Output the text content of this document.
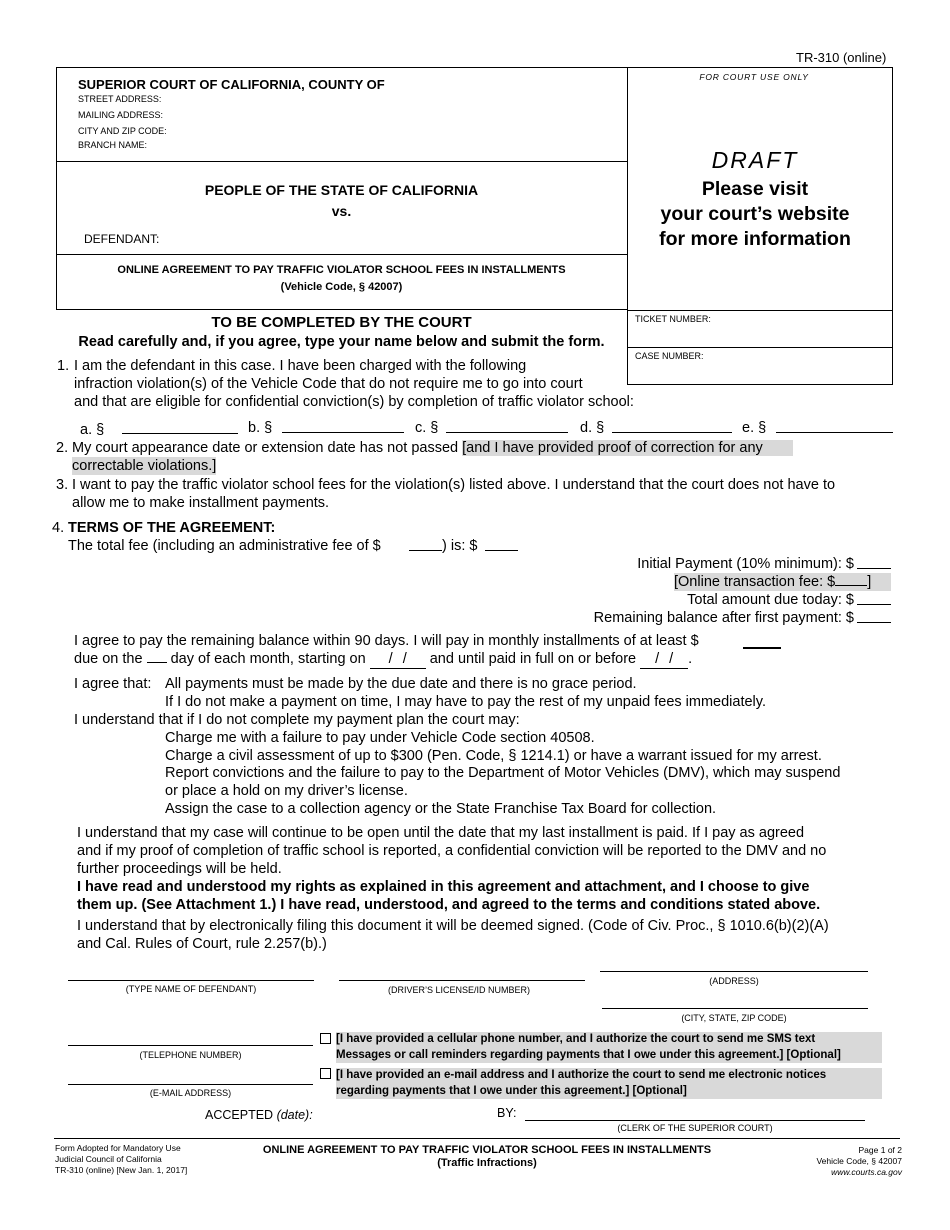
TR-310 (online)
SUPERIOR COURT OF CALIFORNIA, COUNTY OF
STREET ADDRESS:
MAILING ADDRESS:
CITY AND ZIP CODE:
BRANCH NAME:
PEOPLE OF THE STATE OF CALIFORNIA
vs.
DEFENDANT:
ONLINE AGREEMENT TO PAY TRAFFIC VIOLATOR SCHOOL FEES IN INSTALLMENTS
(Vehicle Code, § 42007)
FOR COURT USE ONLY
DRAFT
Please visit
your court’s website
for more information
TICKET NUMBER:
CASE NUMBER:
TO BE COMPLETED BY THE COURT
Read carefully and, if you agree, type your name below and submit the form.
1. I am the defendant in this case. I have been charged with the following
infraction violation(s) of the Vehicle Code that do not require me to go into court
and that are eligible for confidential conviction(s) by completion of traffic violator school:
a. §	b. §	c. §	d. §	e. §
2. My court appearance date or extension date has not passed [and I have provided proof of correction for any
correctable violations.]
3. I want to pay the traffic violator school fees for the violation(s) listed above. I understand that the court does not have to
allow me to make installment payments.
4. TERMS OF THE AGREEMENT:
The total fee (including an administrative fee of $	) is: $
Initial Payment (10% minimum): $
[Online transaction fee: $ ]
Total amount due today: $
Remaining balance after first payment: $
I agree to pay the remaining balance within 90 days. I will pay in monthly installments of at least $
due on the  day of each month, starting on / / and until paid in full on or before / / .
I agree that: All payments must be made by the due date and there is no grace period.
If I do not make a payment on time, I may have to pay the rest of my unpaid fees immediately.
I understand that if I do not complete my payment plan the court may:
Charge me with a failure to pay under Vehicle Code section 40508.
Charge a civil assessment of up to $300 (Pen. Code, § 1214.1) or have a warrant issued for my arrest.
Report convictions and the failure to pay to the Department of Motor Vehicles (DMV), which may suspend
or place a hold on my driver’s license.
Assign the case to a collection agency or the State Franchise Tax Board for collection.
I understand that my case will continue to be open until the date that my last installment is paid. If I pay as agreed
and if my proof of completion of traffic school is reported, a confidential conviction will be reported to the DMV and no
further proceedings will be held.
I have read and understood my rights as explained in this agreement and attachment, and I choose to give
them up. (See Attachment 1.) I have read, understood, and agreed to the terms and conditions stated above.
I understand that by electronically filing this document it will be deemed signed. (Code of Civ. Proc., § 1010.6(b)(2)(A)
and Cal. Rules of Court, rule 2.257(b).)
(TYPE NAME OF DEFENDANT)	(DRIVER’S LICENSE/ID NUMBER)
(ADDRESS)
(CITY, STATE, ZIP CODE)
(TELEPHONE NUMBER)
(E-MAIL ADDRESS)
[I have provided a cellular phone number, and I authorize the court to send me SMS text
Messages or call reminders regarding payments that I owe under this agreement.] [Optional]
[I have provided an e-mail address and I authorize the court to send me electronic notices
regarding payments that I owe under this agreement.] [Optional]
ACCEPTED (date):	BY:
(CLERK OF THE SUPERIOR COURT)
Form Adopted for Mandatory Use
Judicial Council of California
TR-310 (online) [New Jan. 1, 2017]
ONLINE AGREEMENT TO PAY TRAFFIC VIOLATOR SCHOOL FEES IN INSTALLMENTS
(Traffic Infractions)
Page 1 of 2
Vehicle Code, § 42007
www.courts.ca.gov
